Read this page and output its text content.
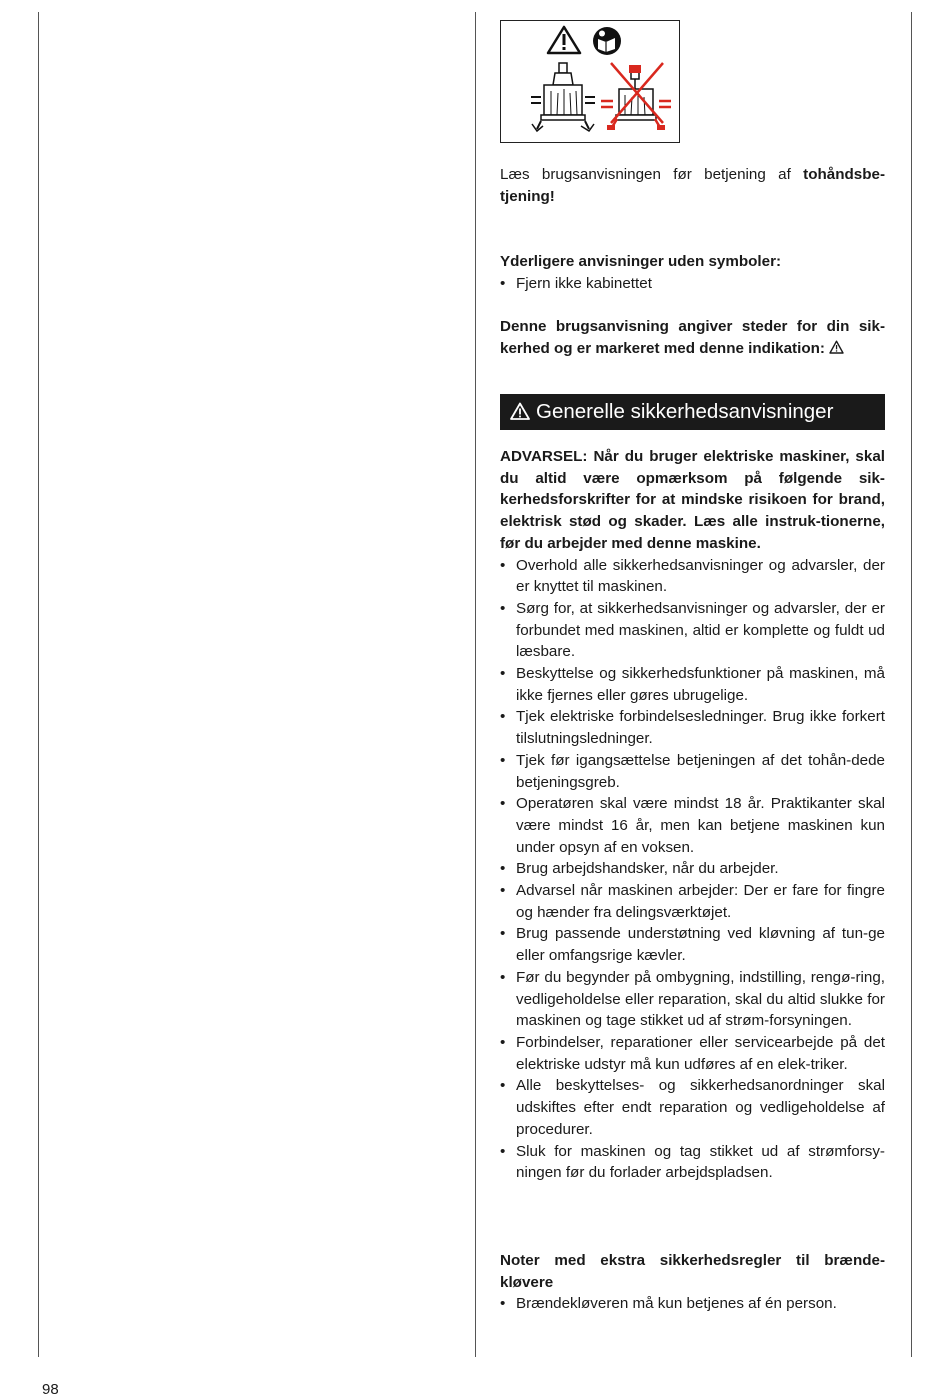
Læs brugsanvisningen før betjening af tohåndsbe-tjening!

Yderligere anvisninger uden symboler:

• Fjern ikke kabinettet

Denne brugsanvisning angiver steder for din sik-kerhed og er markeret med denne indikation:

Generelle sikkerhedsanvisninger

ADVARSEL: Når du bruger elektriske maskiner, skal du altid være opmærksom på følgende sik-kerhedsforskrifter for at mindske risikoen for brand, elektrisk stød og skader. Læs alle instruk-tionerne, før du arbejder med denne maskine.

• Overhold alle sikkerhedsanvisninger og advarsler, der er knyttet til maskinen.
• Sørg for, at sikkerhedsanvisninger og advarsler, der er forbundet med maskinen, altid er komplette og fuldt ud læsbare.
• Beskyttelse og sikkerhedsfunktioner på maskinen, må ikke fjernes eller gøres ubrugelige.
• Tjek elektriske forbindelsesledninger. Brug ikke forkert tilslutningsledninger.
• Tjek før igangsættelse betjeningen af det tohån-dede betjeningsgreb.
• Operatøren skal være mindst 18 år. Praktikanter skal være mindst 16 år, men kan betjene maskinen kun under opsyn af en voksen.
• Brug arbejdshandsker, når du arbejder.
• Advarsel når maskinen arbejder: Der er fare for fingre og hænder fra delingsværktøjet.
• Brug passende understøtning ved kløvning af tun-ge eller omfangsrige kævler.
• Før du begynder på ombygning, indstilling, rengø-ring, vedligeholdelse eller reparation, skal du altid slukke for maskinen og tage stikket ud af strøm-forsyningen.
• Forbindelser, reparationer eller servicearbejde på det elektriske udstyr må kun udføres af en elek-triker.
• Alle beskyttelses- og sikkerhedsanordninger skal udskiftes efter endt reparation og vedligeholdelse af procedurer.
• Sluk for maskinen og tag stikket ud af strømforsy-ningen før du forlader arbejdspladsen.

Noter med ekstra sikkerhedsregler til brænde-kløvere

• Brændekløveren må kun betjenes af én person.
98
